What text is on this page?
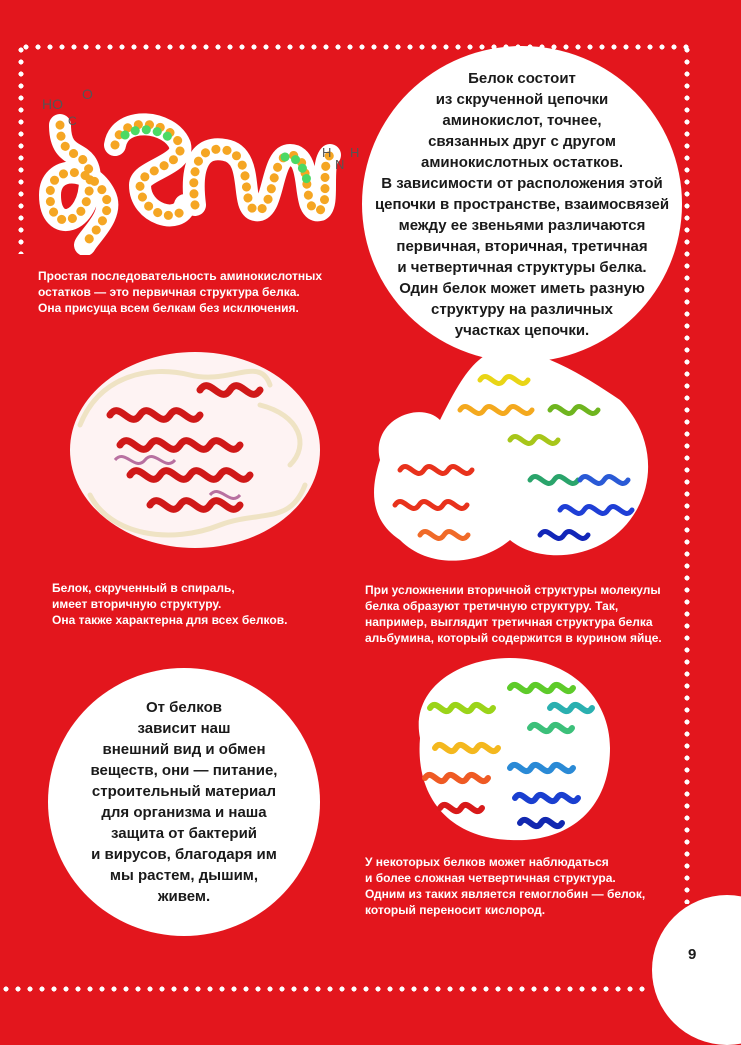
HO
O
C
H
N
H
Простая последовательность аминокислотных
остатков — это первичная структура белка.
Она присуща всем белкам без исключения.
Белок состоит
из скрученной цепочки
аминокислот, точнее,
связанных друг с другом
аминокислотных остатков.
В зависимости от расположения этой
цепочки в пространстве, взаимосвязей
между ее звеньями различаются
первичная, вторичная, третичная
и четвертичная структуры белка.
Один белок может иметь разную
структуру на различных
участках цепочки.
Белок, скрученный в спираль,
имеет вторичную структуру.
Она также характерна для всех белков.
При усложнении вторичной структуры молекулы
белка образуют третичную структуру. Так,
например, выглядит третичная структура белка
альбумина, который содержится в курином яйце.
От белков
зависит наш
внешний вид и обмен
веществ, они — питание,
строительный материал
для организма и наша
защита от бактерий
и вирусов, благодаря им
мы растем, дышим,
живем.
У некоторых белков может наблюдаться
и более сложная четвертичная структура.
Одним из таких является гемоглобин — белок,
который переносит кислород.
9
